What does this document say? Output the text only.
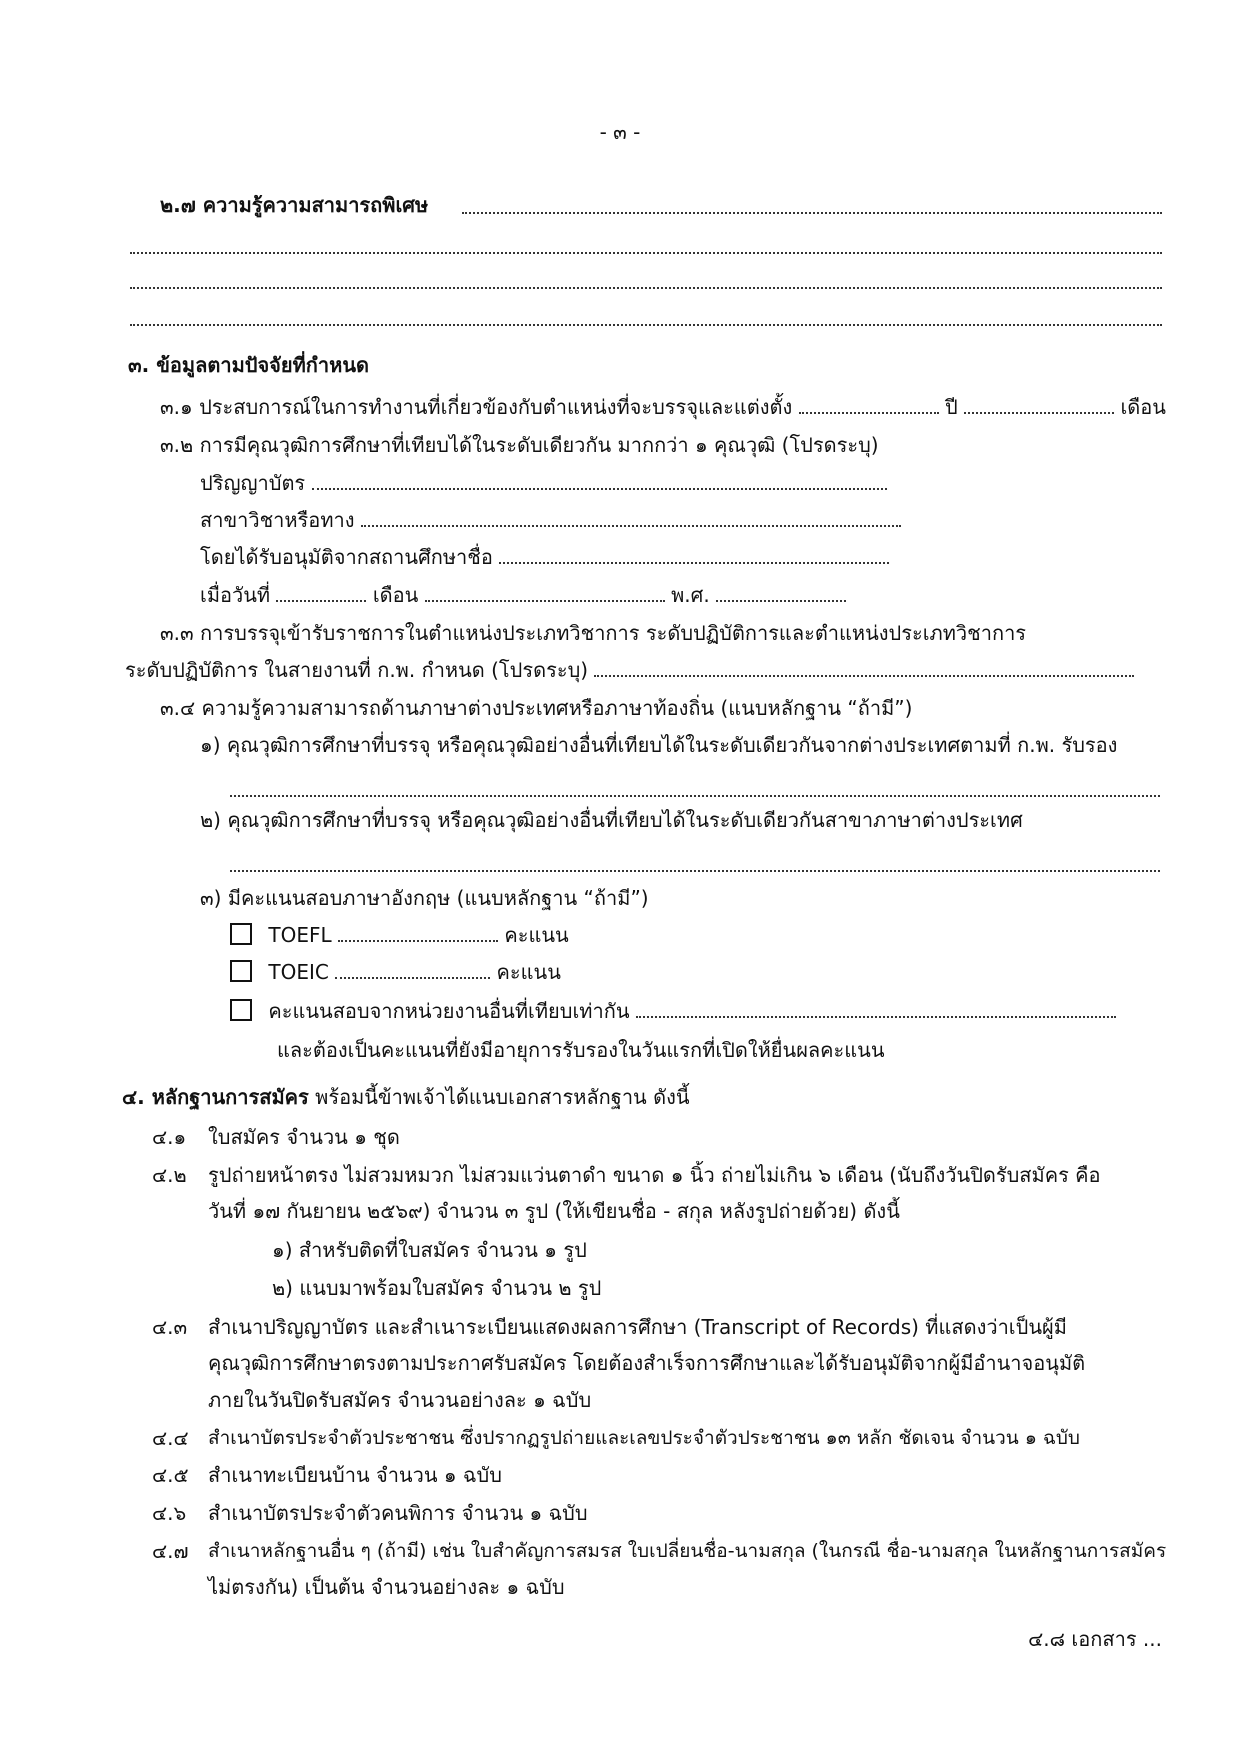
- ๓ -
๒.๗ ความรู้ความสามารถพิเศษ
๓. ข้อมูลตามปัจจัยที่กำหนด
๓.๑ ประสบการณ์ในการทำงานที่เกี่ยวข้องกับตำแหน่งที่จะบรรจุและแต่งตั้ง	ปี	เดือน
๓.๒ การมีคุณวุฒิการศึกษาที่เทียบได้ในระดับเดียวกัน มากกว่า ๑ คุณวุฒิ (โปรดระบุ)
ปริญญาบัตร
สาขาวิชาหรือทาง
โดยได้รับอนุมัติจากสถานศึกษาชื่อ
เมื่อวันที่	เดือน	พ.ศ.
๓.๓ การบรรจุเข้ารับราชการในตำแหน่งประเภทวิชาการ ระดับปฏิบัติการและตำแหน่งประเภทวิชาการ
ระดับปฏิบัติการ ในสายงานที่ ก.พ. กำหนด (โปรดระบุ)
๓.๔ ความรู้ความสามารถด้านภาษาต่างประเทศหรือภาษาท้องถิ่น (แนบหลักฐาน “ถ้ามี”)
๑) คุณวุฒิการศึกษาที่บรรจุ หรือคุณวุฒิอย่างอื่นที่เทียบได้ในระดับเดียวกันจากต่างประเทศตามที่ ก.พ. รับรอง
๒) คุณวุฒิการศึกษาที่บรรจุ หรือคุณวุฒิอย่างอื่นที่เทียบได้ในระดับเดียวกันสาขาภาษาต่างประเทศ
๓) มีคะแนนสอบภาษาอังกฤษ (แนบหลักฐาน “ถ้ามี”)
TOEFL	คะแนน
TOEIC	คะแนน
คะแนนสอบจากหน่วยงานอื่นที่เทียบเท่ากัน
และต้องเป็นคะแนนที่ยังมีอายุการรับรองในวันแรกที่เปิดให้ยื่นผลคะแนน
๔. หลักฐานการสมัคร พร้อมนี้ข้าพเจ้าได้แนบเอกสารหลักฐาน ดังนี้
๔.๑ ใบสมัคร จำนวน ๑ ชุด
๔.๒ รูปถ่ายหน้าตรง ไม่สวมหมวก ไม่สวมแว่นตาดำ ขนาด ๑ นิ้ว ถ่ายไม่เกิน ๖ เดือน (นับถึงวันปิดรับสมัคร คือ
วันที่ ๑๗ กันยายน ๒๕๖๙) จำนวน ๓ รูป (ให้เขียนชื่อ - สกุล หลังรูปถ่ายด้วย) ดังนี้
๑) สำหรับติดที่ใบสมัคร จำนวน ๑ รูป
๒) แนบมาพร้อมใบสมัคร จำนวน ๒ รูป
๔.๓ สำเนาปริญญาบัตร และสำเนาระเบียนแสดงผลการศึกษา (Transcript of Records) ที่แสดงว่าเป็นผู้มี
คุณวุฒิการศึกษาตรงตามประกาศรับสมัคร โดยต้องสำเร็จการศึกษาและได้รับอนุมัติจากผู้มีอำนาจอนุมัติ
ภายในวันปิดรับสมัคร จำนวนอย่างละ ๑ ฉบับ
๔.๔ สำเนาบัตรประจำตัวประชาชน ซึ่งปรากฏรูปถ่ายและเลขประจำตัวประชาชน ๑๓ หลัก ชัดเจน จำนวน ๑ ฉบับ
๔.๕ สำเนาทะเบียนบ้าน จำนวน ๑ ฉบับ
๔.๖ สำเนาบัตรประจำตัวคนพิการ จำนวน ๑ ฉบับ
๔.๗ สำเนาหลักฐานอื่น ๆ (ถ้ามี) เช่น ใบสำคัญการสมรส ใบเปลี่ยนชื่อ-นามสกุล (ในกรณี ชื่อ-นามสกุล ในหลักฐานการสมัคร
ไม่ตรงกัน) เป็นต้น จำนวนอย่างละ ๑ ฉบับ
๔.๘ เอกสาร ...
